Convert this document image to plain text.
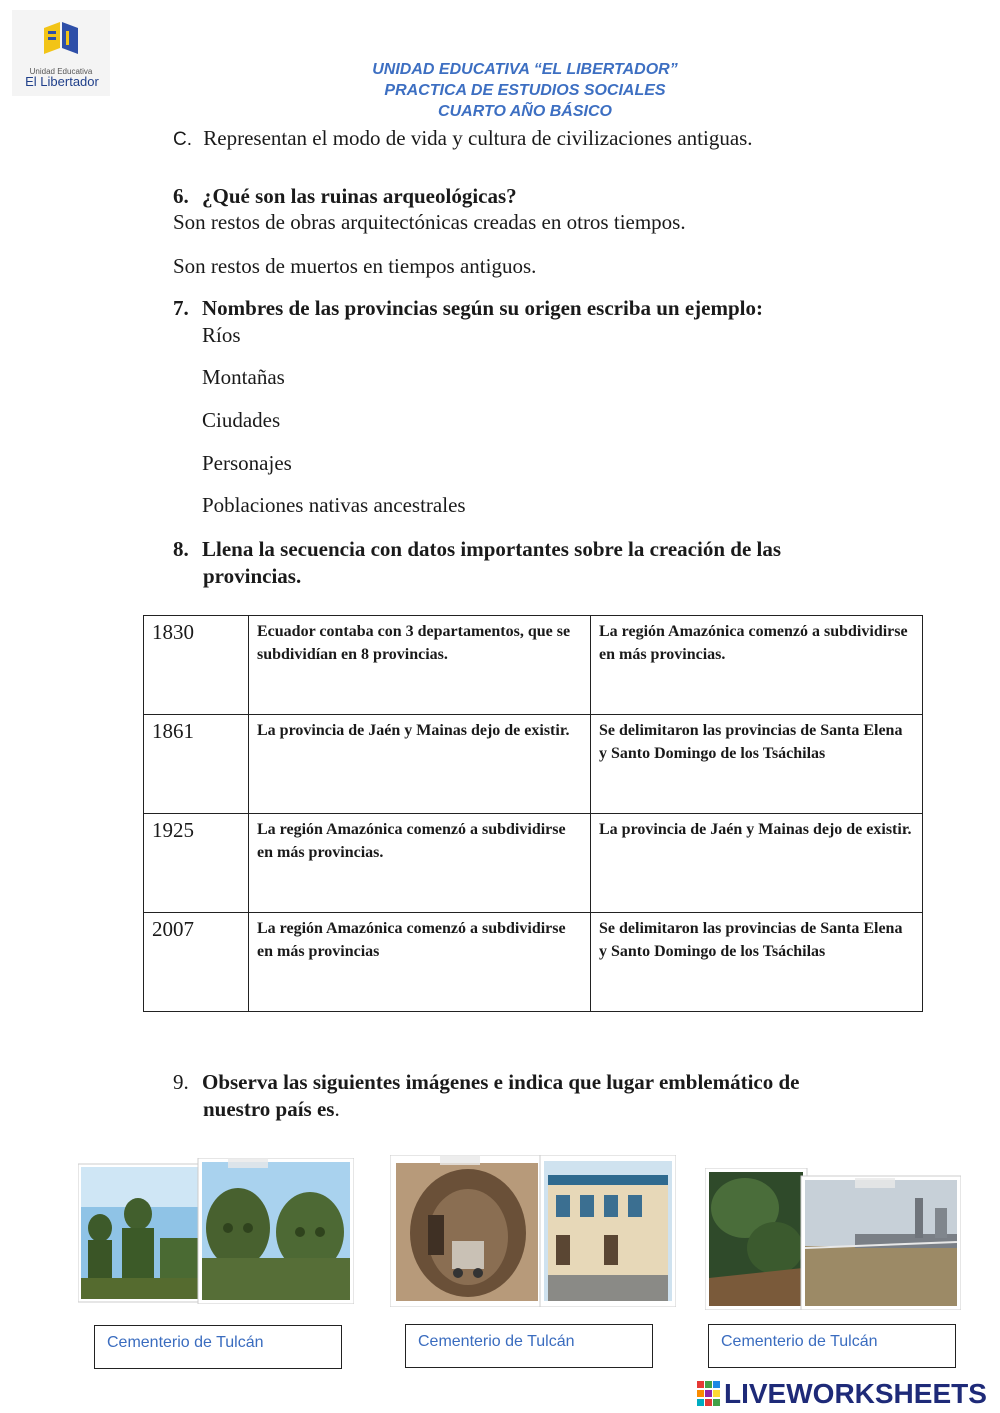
Unidad Educativa
El Libertador
UNIDAD EDUCATIVA “EL LIBERTADOR”
PRACTICA DE ESTUDIOS SOCIALES
CUARTO AÑO BÁSICO
C. Representan el modo de vida y cultura de civilizaciones antiguas.
6. ¿Qué son las ruinas arqueológicas?
Son restos de obras arquitectónicas creadas en otros tiempos.
Son restos de muertos en tiempos antiguos.
7. Nombres de las provincias según su origen escriba un ejemplo:
Ríos
Montañas
Ciudades
Personajes
Poblaciones nativas ancestrales
8. Llena la secuencia con datos importantes sobre la creación de las
provincias.
1830	Ecuador contaba con 3 departamentos, que se subdividían en 8 provincias.	La región Amazónica comenzó a subdividirse en más provincias.
1861	La provincia de Jaén y Mainas dejo de existir.	Se delimitaron las provincias de Santa Elena y Santo Domingo de los Tsáchilas
1925	La región Amazónica comenzó a subdividirse en más provincias.	La provincia de Jaén y Mainas dejo de existir.
2007	La región Amazónica comenzó a subdividirse en más provincias	Se delimitaron las provincias de Santa Elena y Santo Domingo de los Tsáchilas
9. Observa las siguientes imágenes e indica que lugar emblemático de
nuestro país es.
Cementerio de Tulcán	Cementerio de Tulcán	Cementerio de Tulcán
LIVEWORKSHEETS
